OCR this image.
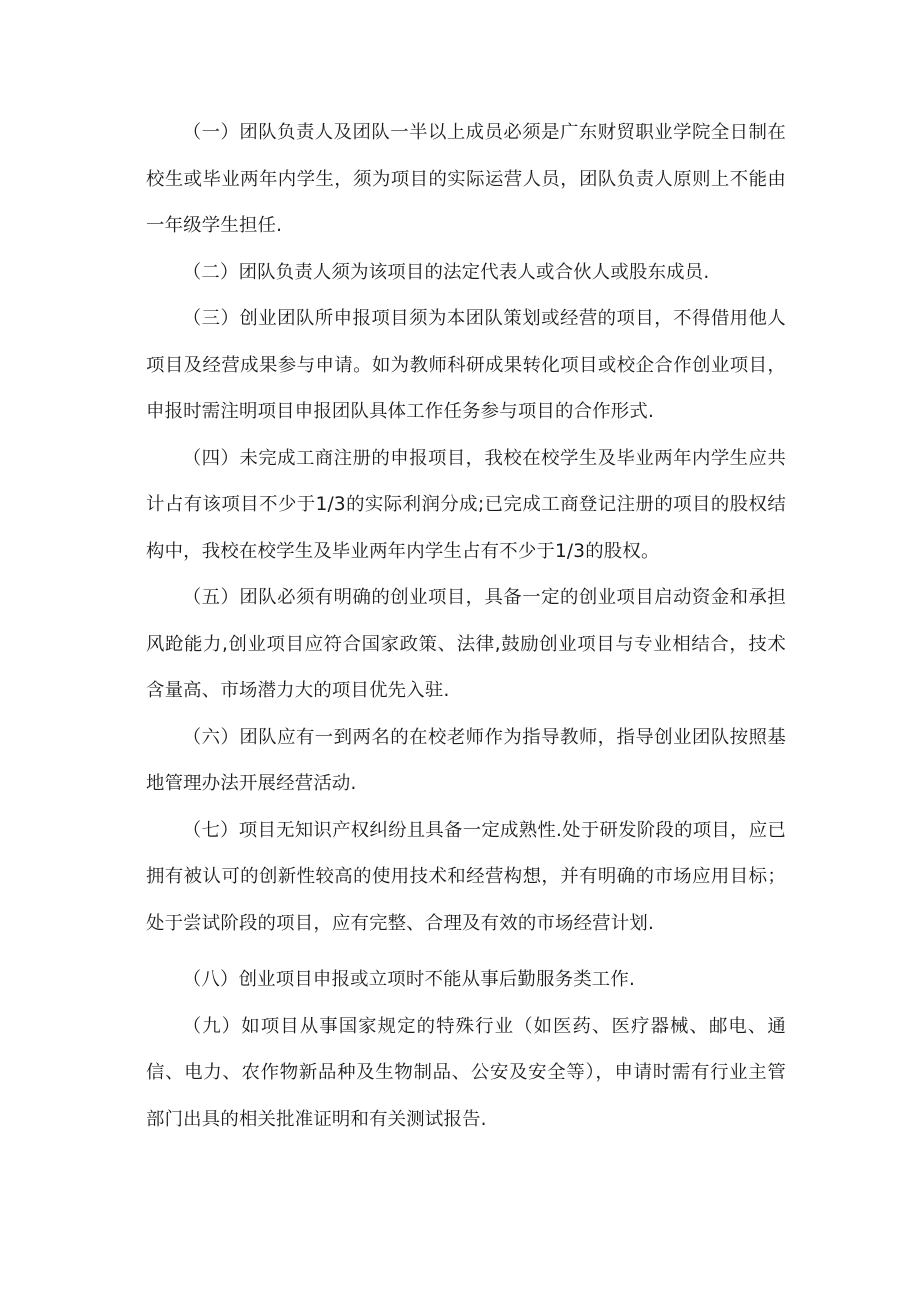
（一）团队负责人及团队一半以上成员必须是广东财贸职业学院全日制在校生或毕业两年内学生，须为项目的实际运营人员，团队负责人原则上不能由一年级学生担任.

（二）团队负责人须为该项目的法定代表人或合伙人或股东成员.

（三）创业团队所申报项目须为本团队策划或经营的项目，不得借用他人项目及经营成果参与申请。如为教师科研成果转化项目或校企合作创业项目，申报时需注明项目申报团队具体工作任务参与项目的合作形式.

（四）未完成工商注册的申报项目，我校在校学生及毕业两年内学生应共计占有该项目不少于1/3的实际利润分成;已完成工商登记注册的项目的股权结构中，我校在校学生及毕业两年内学生占有不少于1/3的股权。

（五）团队必须有明确的创业项目，具备一定的创业项目启动资金和承担风跄能力,创业项目应符合国家政策、法律,鼓励创业项目与专业相结合，技术含量高、市场潜力大的项目优先入驻.

（六）团队应有一到两名的在校老师作为指导教师，指导创业团队按照基地管理办法开展经营活动.

（七）项目无知识产权纠纷且具备一定成熟性.处于研发阶段的项目，应已拥有被认可的创新性较高的使用技术和经营构想，并有明确的市场应用目标；处于尝试阶段的项目，应有完整、合理及有效的市场经营计划.

（八）创业项目申报或立项时不能从事后勤服务类工作.

（九）如项目从事国家规定的特殊行业（如医药、医疗器械、邮电、通信、电力、农作物新品种及生物制品、公安及安全等），申请时需有行业主管部门出具的相关批准证明和有关测试报告.
